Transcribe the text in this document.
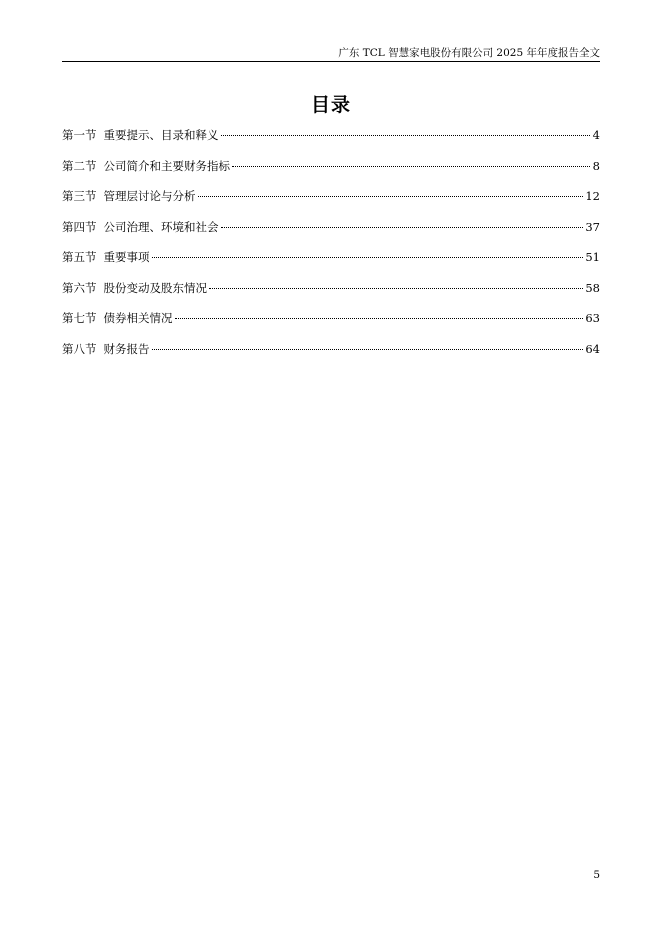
广东 TCL 智慧家电股份有限公司 2025 年年度报告全文
目录
第一节 重要提示、目录和释义	4
第二节 公司简介和主要财务指标	8
第三节 管理层讨论与分析	12
第四节 公司治理、环境和社会	37
第五节 重要事项	51
第六节 股份变动及股东情况	58
第七节 债券相关情况	63
第八节 财务报告	64
5
